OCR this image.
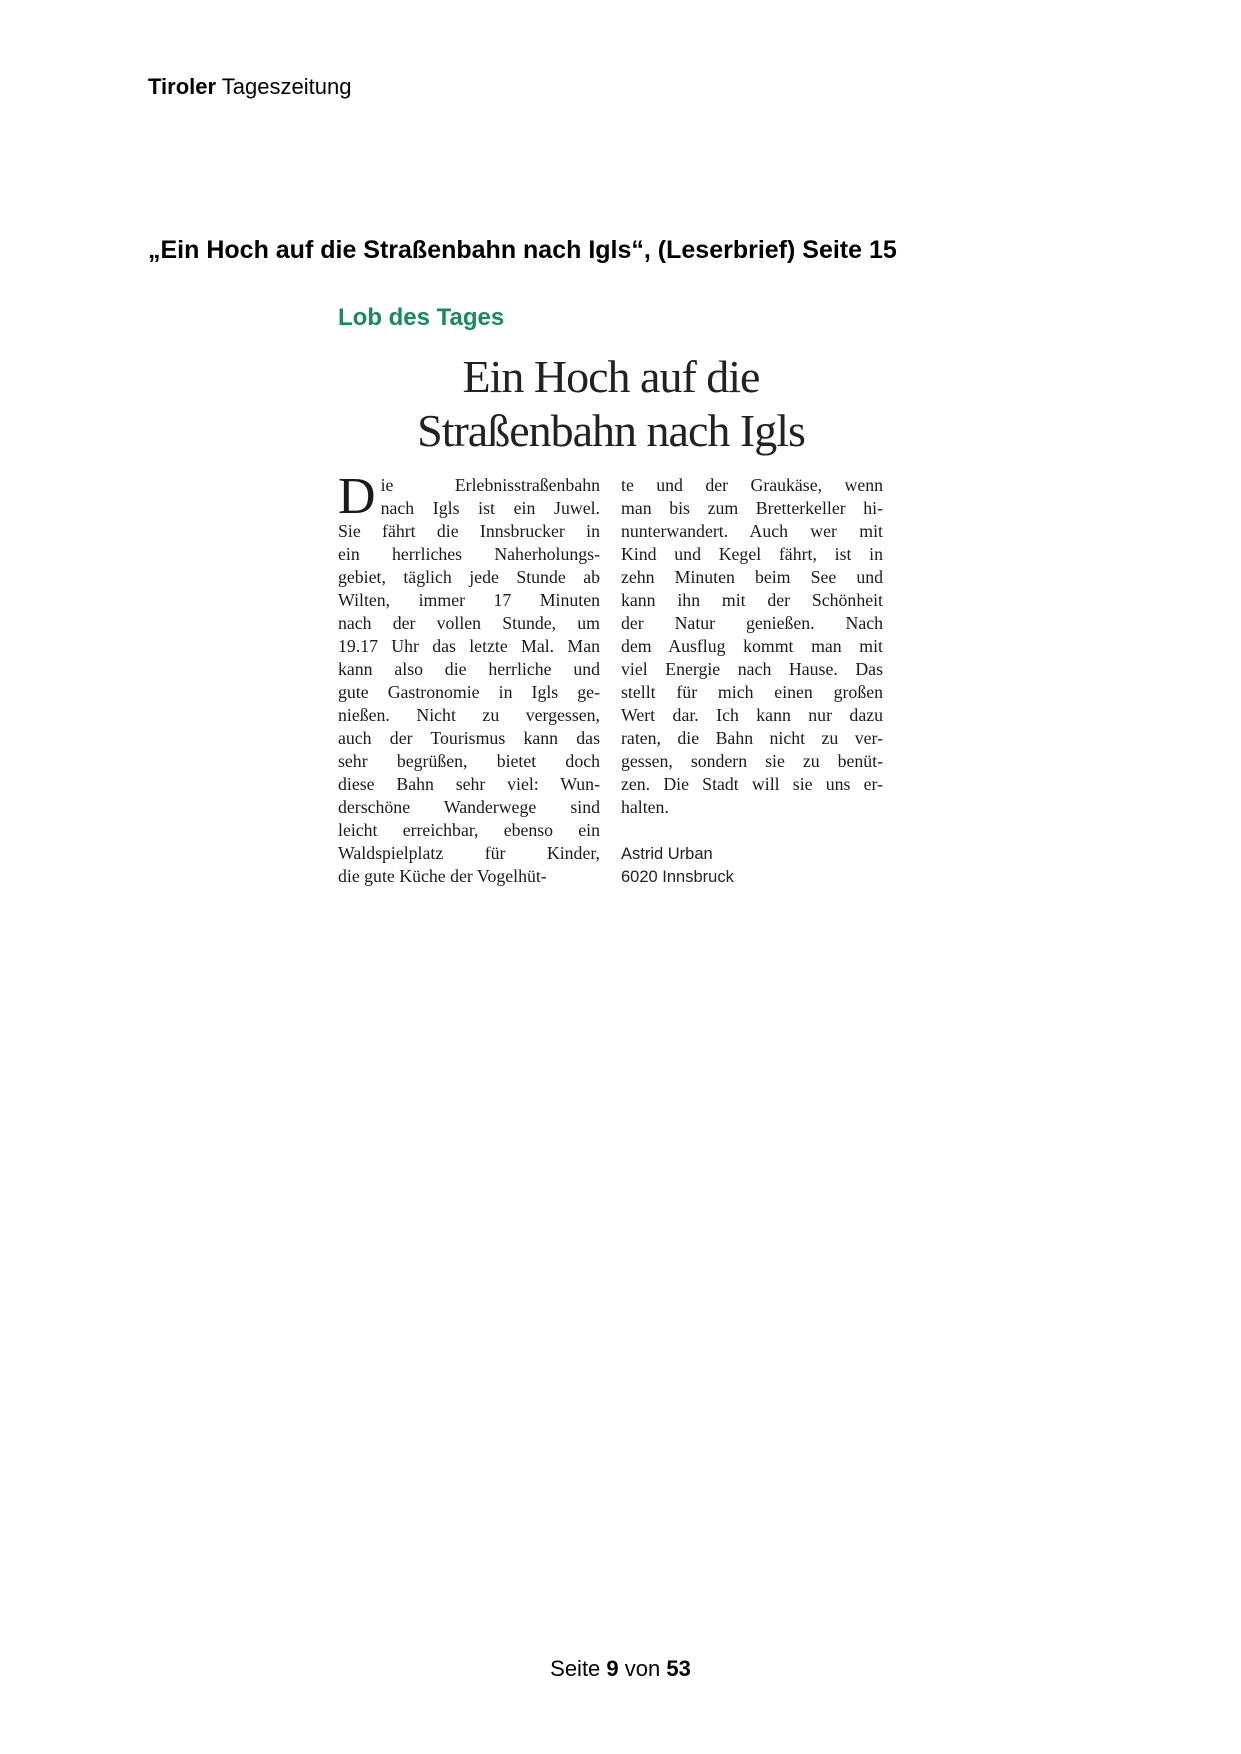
Tiroler Tageszeitung
„Ein Hoch auf die Straßenbahn nach Igls“, (Leserbrief) Seite 15
Lob des Tages
Ein Hoch auf die
Straßenbahn nach Igls
D ie Erlebnisstraßenbahn
nach Igls ist ein Juwel.
Sie fährt die Innsbrucker in
ein herrliches Naherholungs-
gebiet, täglich jede Stunde ab
Wilten, immer 17 Minuten
nach der vollen Stunde, um
19.17 Uhr das letzte Mal. Man
kann also die herrliche und
gute Gastronomie in Igls ge-
nießen. Nicht zu vergessen,
auch der Tourismus kann das
sehr begrüßen, bietet doch
diese Bahn sehr viel: Wun-
derschöne Wanderwege sind
leicht erreichbar, ebenso ein
Waldspielplatz für Kinder,
die gute Küche der Vogelhüt-
te und der Graukäse, wenn
man bis zum Bretterkeller hi-
nunterwandert. Auch wer mit
Kind und Kegel fährt, ist in
zehn Minuten beim See und
kann ihn mit der Schönheit
der Natur genießen. Nach
dem Ausflug kommt man mit
viel Energie nach Hause. Das
stellt für mich einen großen
Wert dar. Ich kann nur dazu
raten, die Bahn nicht zu ver-
gessen, sondern sie zu benüt-
zen. Die Stadt will sie uns er-
halten.
Astrid Urban
6020 Innsbruck
Seite 9 von 53
